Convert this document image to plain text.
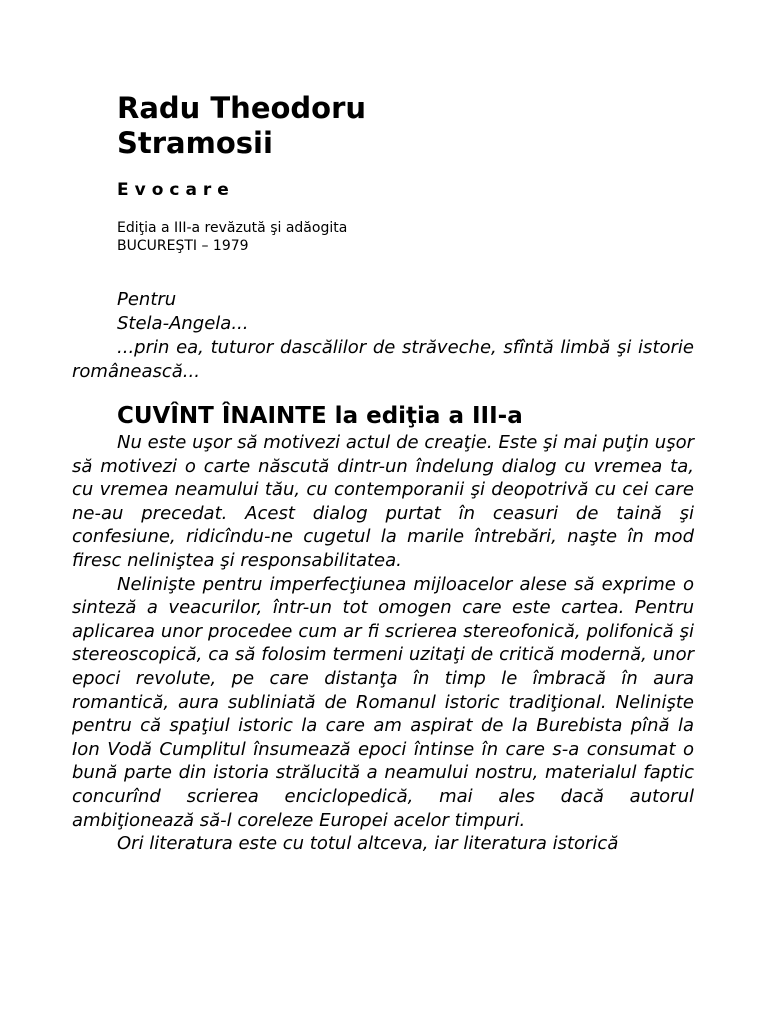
Radu Theodoru
Stramosii
Evocare
Ediţia a III-a revăzută şi adăogita
BUCUREŞTI – 1979
Pentru
Stela-Angela...

...prin ea, tuturor dascălilor de străveche, sfîntă limbă şi istorie românească...

CUVÎNT ÎNAINTE la ediţia a III-a

Nu este uşor să motivezi actul de creaţie. Este şi mai puţin uşor să motivezi o carte născută dintr-un îndelung dialog cu vremea ta, cu vremea neamului tău, cu contemporanii şi deopotrivă cu cei care ne-au precedat. Acest dialog purtat în ceasuri de taină şi confesiune, ridicîndu-ne cugetul la marile întrebări, naşte în mod firesc neliniştea şi responsabilitatea.

Nelinişte pentru imperfecţiunea mijloacelor alese să exprime o sinteză a veacurilor, într-un tot omogen care este cartea. Pentru aplicarea unor procedee cum ar fi scrierea stereofonică, polifonică şi stereoscopică, ca să folosim termeni uzitaţi de critică modernă, unor epoci revolute, pe care distanţa în timp le îmbracă în aura romantică, aura subliniată de Romanul istoric tradiţional. Nelinişte pentru că spaţiul istoric la care am aspirat de la Burebista pînă la Ion Vodă Cumplitul însumează epoci întinse în care s-a consumat o bună parte din istoria strălucită a neamului nostru, materialul faptic concurînd scrierea enciclopedică, mai ales dacă autorul ambiţionează să-l coreleze Europei acelor timpuri.

Ori literatura este cu totul altceva, iar literatura istorică
